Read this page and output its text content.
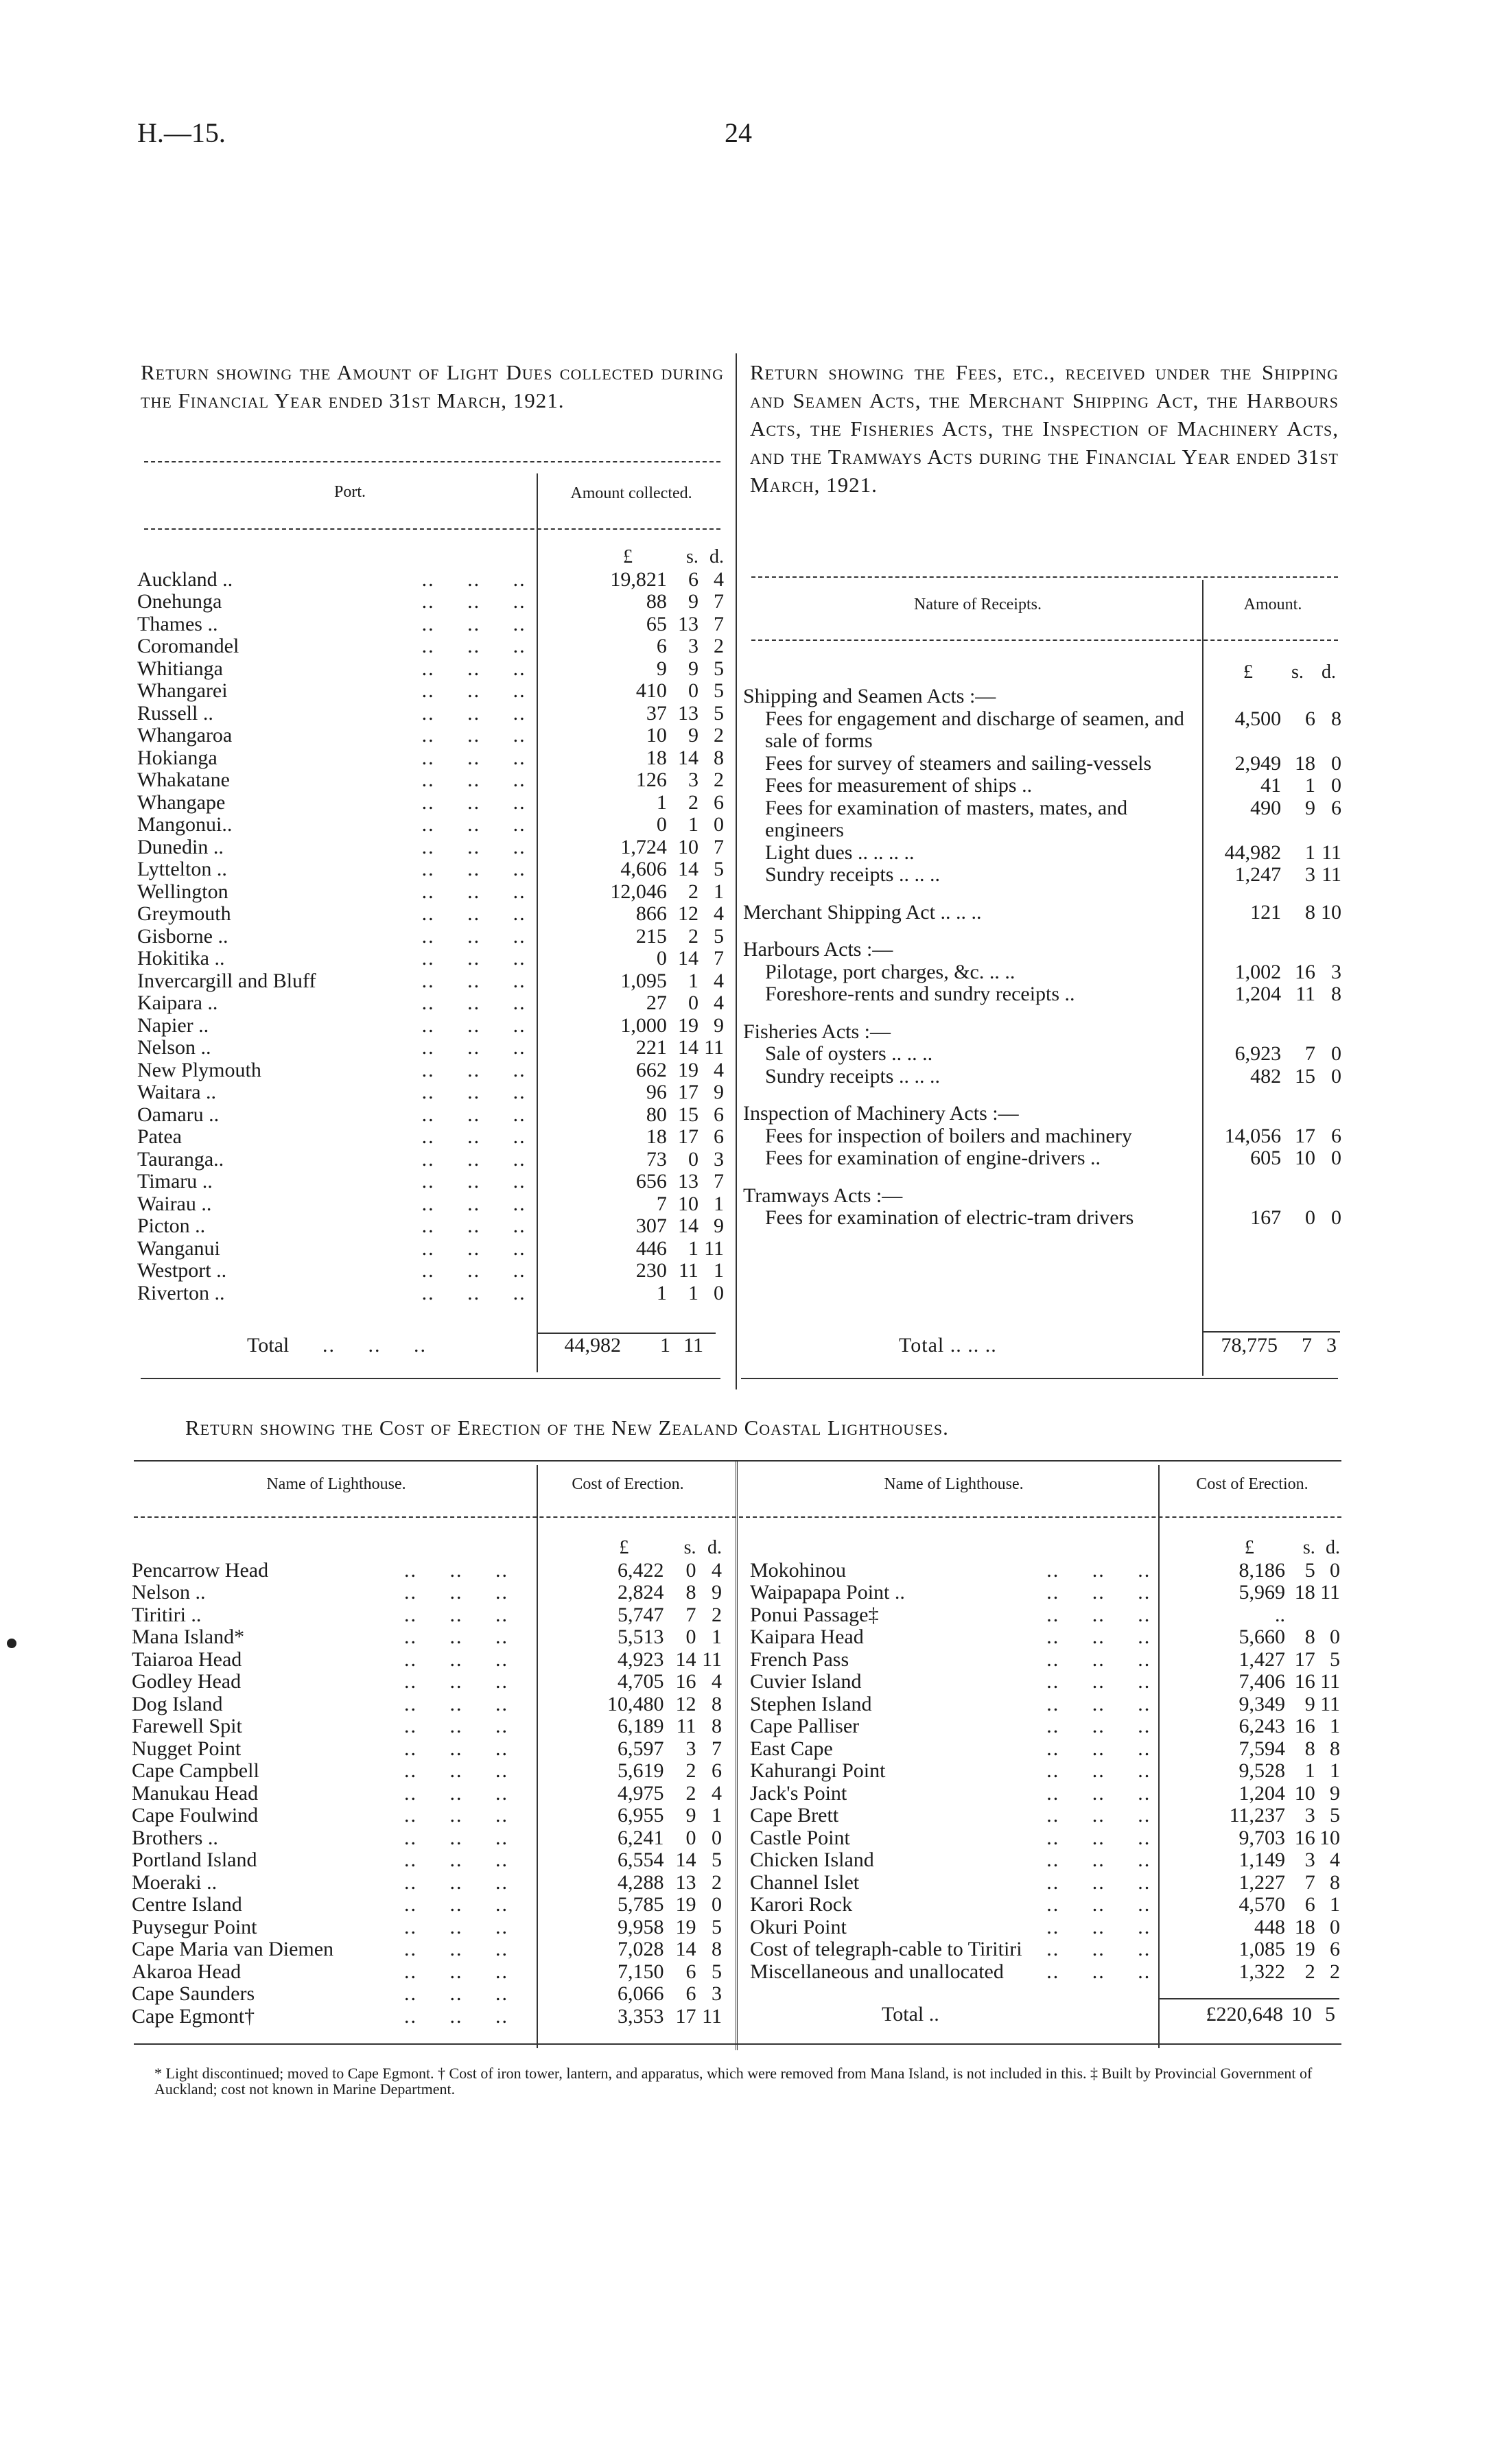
H.—15.	24
Return showing the Amount of Light Dues collected during the Financial Year ended 31st March, 1921.
Return showing the Fees, etc., received under the Shipping and Seamen Acts, the Merchant Shipping Act, the Harbours Acts, the Fisheries Acts, the Inspection of Machinery Acts, and the Tramways Acts during the Financial Year ended 31st March, 1921.
Port.	Amount collected.
			£	s.	d.
Auckland ..	..     ..     ..		19,821	6	4
Onehunga	..     ..     ..		88	9	7
Thames ..	..     ..     ..		65	13	7
Coromandel	..     ..     ..		6	3	2
Whitianga	..     ..     ..		9	9	5
Whangarei	..     ..     ..		410	0	5
Russell ..	..     ..     ..		37	13	5
Whangaroa	..     ..     ..		10	9	2
Hokianga	..     ..     ..		18	14	8
Whakatane	..     ..     ..		126	3	2
Whangape	..     ..     ..		1	2	6
Mangonui..	..     ..     ..		0	1	0
Dunedin ..	..     ..     ..		1,724	10	7
Lyttelton ..	..     ..     ..		4,606	14	5
Wellington	..     ..     ..		12,046	2	1
Greymouth	..     ..     ..		866	12	4
Gisborne ..	..     ..     ..		215	2	5
Hokitika ..	..     ..     ..		0	14	7
Invercargill and Bluff	..     ..     ..		1,095	1	4
Kaipara ..	..     ..     ..		27	0	4
Napier ..	..     ..     ..		1,000	19	9
Nelson ..	..     ..     ..		221	14	11
New Plymouth	..     ..     ..		662	19	4
Waitara ..	..     ..     ..		96	17	9
Oamaru ..	..     ..     ..		80	15	6
Patea	..     ..     ..		18	17	6
Tauranga..	..     ..     ..		73	0	3
Timaru ..	..     ..     ..		656	13	7
Wairau ..	..     ..     ..		7	10	1
Picton ..	..     ..     ..		307	14	9
Wanganui	..     ..     ..		446	1	11
Westport ..	..     ..     ..		230	11	1
Riverton ..	..     ..     ..		1	1	0
Total ..     ..     ..	44,982 1 11
Nature of Receipts.	Amount.
£ s. d.

Shipping and Seamen Acts :—				
Fees for engagement and discharge of seamen, and sale of forms		4,500	6	8
Fees for survey of steamers and sailing-vessels		2,949	18	0
Fees for measurement of ships ..		41	1	0
Fees for examination of masters, mates, and engineers		490	9	6
Light dues .. .. .. ..		44,982	1	11
Sundry receipts .. .. ..		1,247	3	11

Merchant Shipping Act .. .. ..		121	8	10

Harbours Acts :—				
Pilotage, port charges, &c. .. ..		1,002	16	3
Foreshore-rents and sundry receipts ..		1,204	11	8

Fisheries Acts :—				
Sale of oysters .. .. ..		6,923	7	0
Sundry receipts .. .. ..		482	15	0

Inspection of Machinery Acts :—				
Fees for inspection of boilers and machinery		14,056	17	6
Fees for examination of engine-drivers ..		605	10	0

Tramways Acts :—				
Fees for examination of electric-tram drivers		167	0	0
Total .. .. ..	78,775 7 3
Return showing the Cost of Erection of the New Zealand Coastal Lighthouses.
Name of Lighthouse.	Cost of Erection.	Name of Lighthouse.	Cost of Erection.
			£	s.	d.
Pencarrow Head	..     ..     ..		6,422	0	4
Nelson ..	..     ..     ..		2,824	8	9
Tiritiri ..	..     ..     ..		5,747	7	2
Mana Island*	..     ..     ..		5,513	0	1
Taiaroa Head	..     ..     ..		4,923	14	11
Godley Head	..     ..     ..		4,705	16	4
Dog Island	..     ..     ..		10,480	12	8
Farewell Spit	..     ..     ..		6,189	11	8
Nugget Point	..     ..     ..		6,597	3	7
Cape Campbell	..     ..     ..		5,619	2	6
Manukau Head	..     ..     ..		4,975	2	4
Cape Foulwind	..     ..     ..		6,955	9	1
Brothers ..	..     ..     ..		6,241	0	0
Portland Island	..     ..     ..		6,554	14	5
Moeraki ..	..     ..     ..		4,288	13	2
Centre Island	..     ..     ..		5,785	19	0
Puysegur Point	..     ..     ..		9,958	19	5
Cape Maria van Diemen	..     ..     ..		7,028	14	8
Akaroa Head	..     ..     ..		7,150	6	5
Cape Saunders	..     ..     ..		6,066	6	3
Cape Egmont†	..     ..     ..		3,353	17	11
			£	s.	d.
Mokohinou	..     ..     ..		8,186	5	0
Waipapapa Point ..	..     ..     ..		5,969	18	11
Ponui Passage‡	..     ..     ..		..		
Kaipara Head	..     ..     ..		5,660	8	0
French Pass	..     ..     ..		1,427	17	5
Cuvier Island	..     ..     ..		7,406	16	11
Stephen Island	..     ..     ..		9,349	9	11
Cape Palliser	..     ..     ..		6,243	16	1
East Cape	..     ..     ..		7,594	8	8
Kahurangi Point	..     ..     ..		9,528	1	1
Jack's Point	..     ..     ..		1,204	10	9
Cape Brett	..     ..     ..		11,237	3	5
Castle Point	..     ..     ..		9,703	16	10
Chicken Island	..     ..     ..		1,149	3	4
Channel Islet	..     ..     ..		1,227	7	8
Karori Rock	..     ..     ..		4,570	6	1
Okuri Point	..     ..     ..		448	18	0
Cost of telegraph-cable to Tiritiri	..     ..     ..		1,085	19	6
Miscellaneous and unallocated	..     ..     ..		1,322	2	2
Total ..	£220,648 10 5
* Light discontinued; moved to Cape Egmont. † Cost of iron tower, lantern, and apparatus, which were removed from Mana Island, is not included in this. ‡ Built by Provincial Government of Auckland; cost not known in Marine Department.
